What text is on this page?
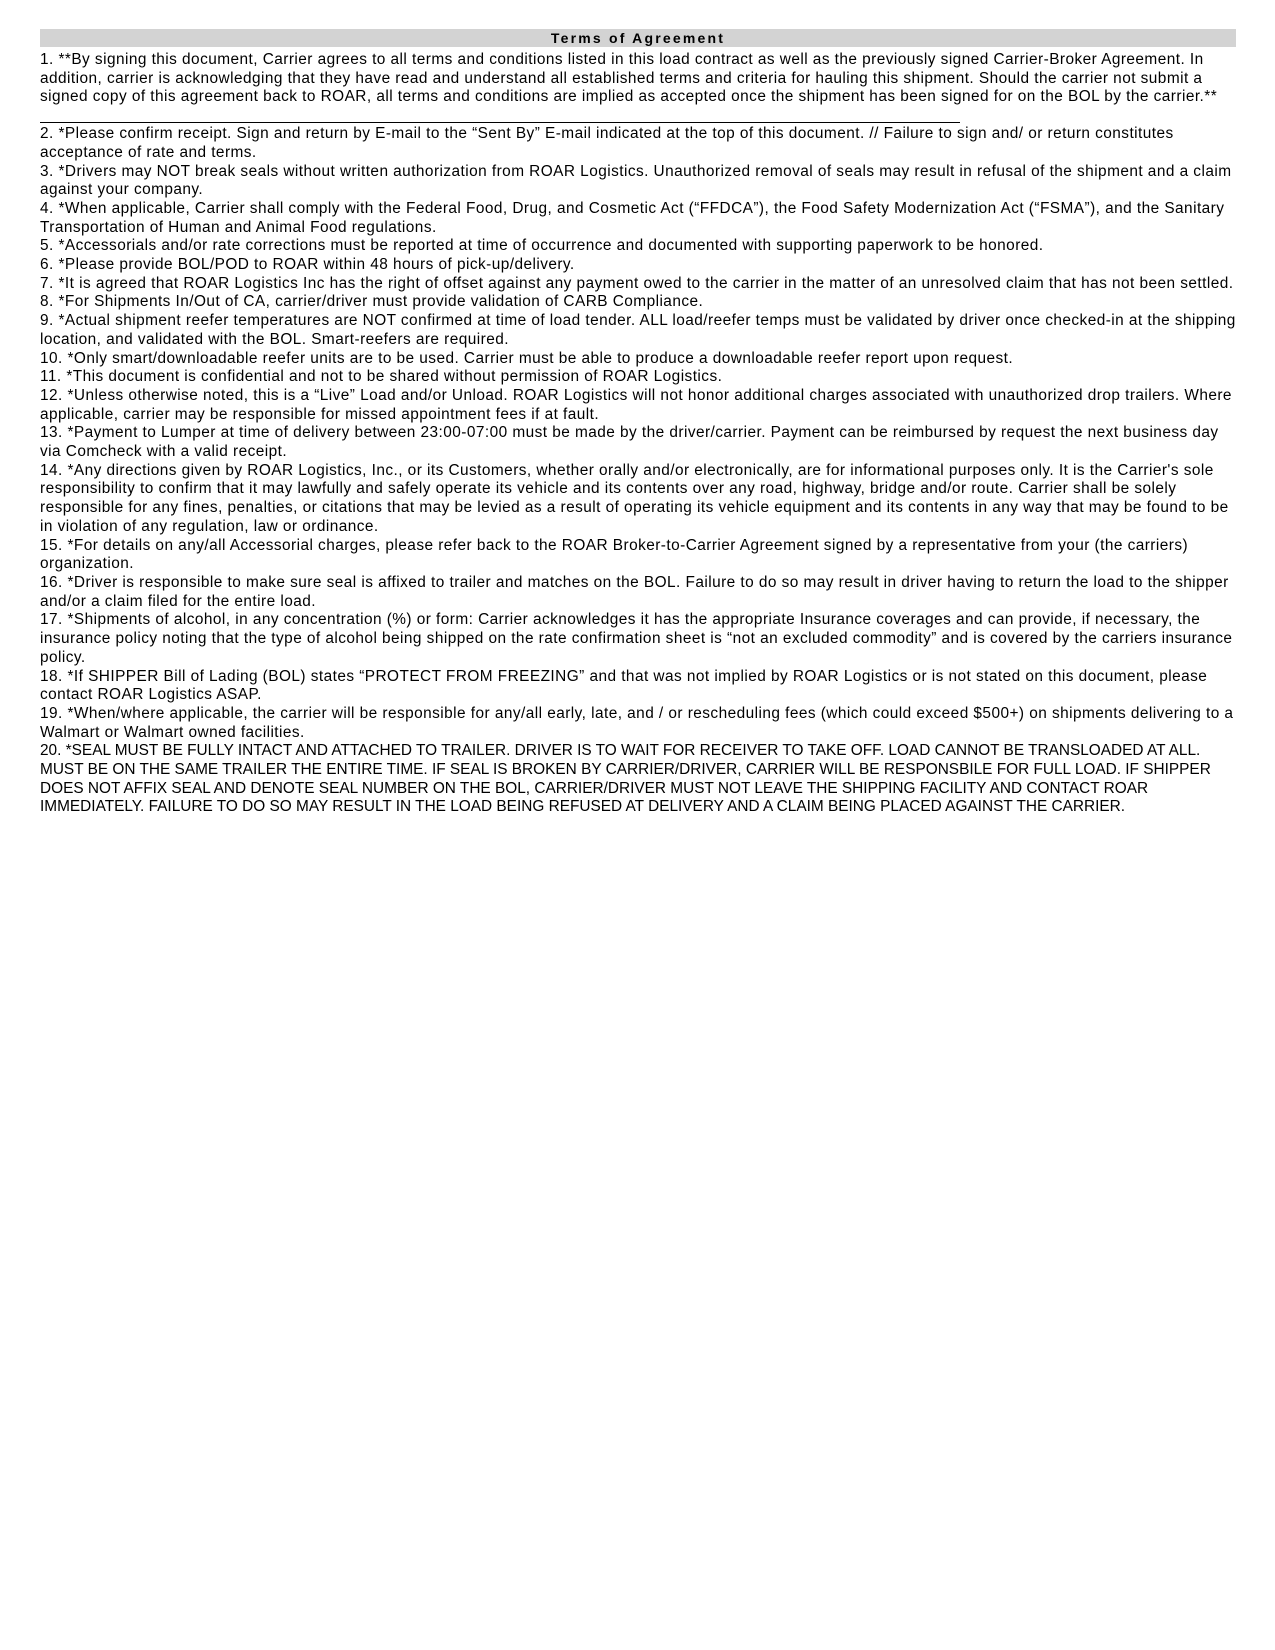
Terms of Agreement

1. **By signing this document, Carrier agrees to all terms and conditions listed in this load contract as well as the previously signed Carrier-Broker Agreement. In addition, carrier is acknowledging that they have read and understand all established terms and criteria for hauling this shipment. Should the carrier not submit a signed copy of this agreement back to ROAR, all terms and conditions are implied as accepted once the shipment has been signed for on the BOL by the carrier.**

2. *Please confirm receipt. Sign and return by E-mail to the “Sent By” E-mail indicated at the top of this document. // Failure to sign and/ or return constitutes acceptance of rate and terms.

3. *Drivers may NOT break seals without written authorization from ROAR Logistics. Unauthorized removal of seals may result in refusal of the shipment and a claim against your company.

4. *When applicable, Carrier shall comply with the Federal Food, Drug, and Cosmetic Act (“FFDCA”), the Food Safety Modernization Act (“FSMA”), and the Sanitary Transportation of Human and Animal Food regulations.

5. *Accessorials and/or rate corrections must be reported at time of occurrence and documented with supporting paperwork to be honored.

6. *Please provide BOL/POD to ROAR within 48 hours of pick-up/delivery.

7. *It is agreed that ROAR Logistics Inc has the right of offset against any payment owed to the carrier in the matter of an unresolved claim that has not been settled.

8. *For Shipments In/Out of CA, carrier/driver must provide validation of CARB Compliance.

9. *Actual shipment reefer temperatures are NOT confirmed at time of load tender. ALL load/reefer temps must be validated by driver once checked-in at the shipping location, and validated with the BOL. Smart-reefers are required.

10. *Only smart/downloadable reefer units are to be used. Carrier must be able to produce a downloadable reefer report upon request.

11. *This document is confidential and not to be shared without permission of ROAR Logistics.

12. *Unless otherwise noted, this is a “Live” Load and/or Unload. ROAR Logistics will not honor additional charges associated with unauthorized drop trailers. Where applicable, carrier may be responsible for missed appointment fees if at fault.

13. *Payment to Lumper at time of delivery between 23:00-07:00 must be made by the driver/carrier. Payment can be reimbursed by request the next business day via Comcheck with a valid receipt.

14. *Any directions given by ROAR Logistics, Inc., or its Customers, whether orally and/or electronically, are for informational purposes only. It is the Carrier's sole responsibility to confirm that it may lawfully and safely operate its vehicle and its contents over any road, highway, bridge and/or route. Carrier shall be solely responsible for any fines, penalties, or citations that may be levied as a result of operating its vehicle equipment and its contents in any way that may be found to be in violation of any regulation, law or ordinance.

15. *For details on any/all Accessorial charges, please refer back to the ROAR Broker-to-Carrier Agreement signed by a representative from your (the carriers) organization.

16. *Driver is responsible to make sure seal is affixed to trailer and matches on the BOL. Failure to do so may result in driver having to return the load to the shipper and/or a claim filed for the entire load.

17. *Shipments of alcohol, in any concentration (%) or form: Carrier acknowledges it has the appropriate Insurance coverages and can provide, if necessary, the insurance policy noting that the type of alcohol being shipped on the rate confirmation sheet is “not an excluded commodity” and is covered by the carriers insurance policy.

18. *If SHIPPER Bill of Lading (BOL) states “PROTECT FROM FREEZING” and that was not implied by ROAR Logistics or is not stated on this document, please contact ROAR Logistics ASAP.

19. *When/where applicable, the carrier will be responsible for any/all early, late, and / or rescheduling fees (which could exceed $500+) on shipments delivering to a Walmart or Walmart owned facilities.

20. *SEAL MUST BE FULLY INTACT AND ATTACHED TO TRAILER. DRIVER IS TO WAIT FOR RECEIVER TO TAKE OFF. LOAD CANNOT BE TRANSLOADED AT ALL. MUST BE ON THE SAME TRAILER THE ENTIRE TIME. IF SEAL IS BROKEN BY CARRIER/DRIVER, CARRIER WILL BE RESPONSBILE FOR FULL LOAD. IF SHIPPER DOES NOT AFFIX SEAL AND DENOTE SEAL NUMBER ON THE BOL, CARRIER/DRIVER MUST NOT LEAVE THE SHIPPING FACILITY AND CONTACT ROAR IMMEDIATELY. FAILURE TO DO SO MAY RESULT IN THE LOAD BEING REFUSED AT DELIVERY AND A CLAIM BEING PLACED AGAINST THE CARRIER.
